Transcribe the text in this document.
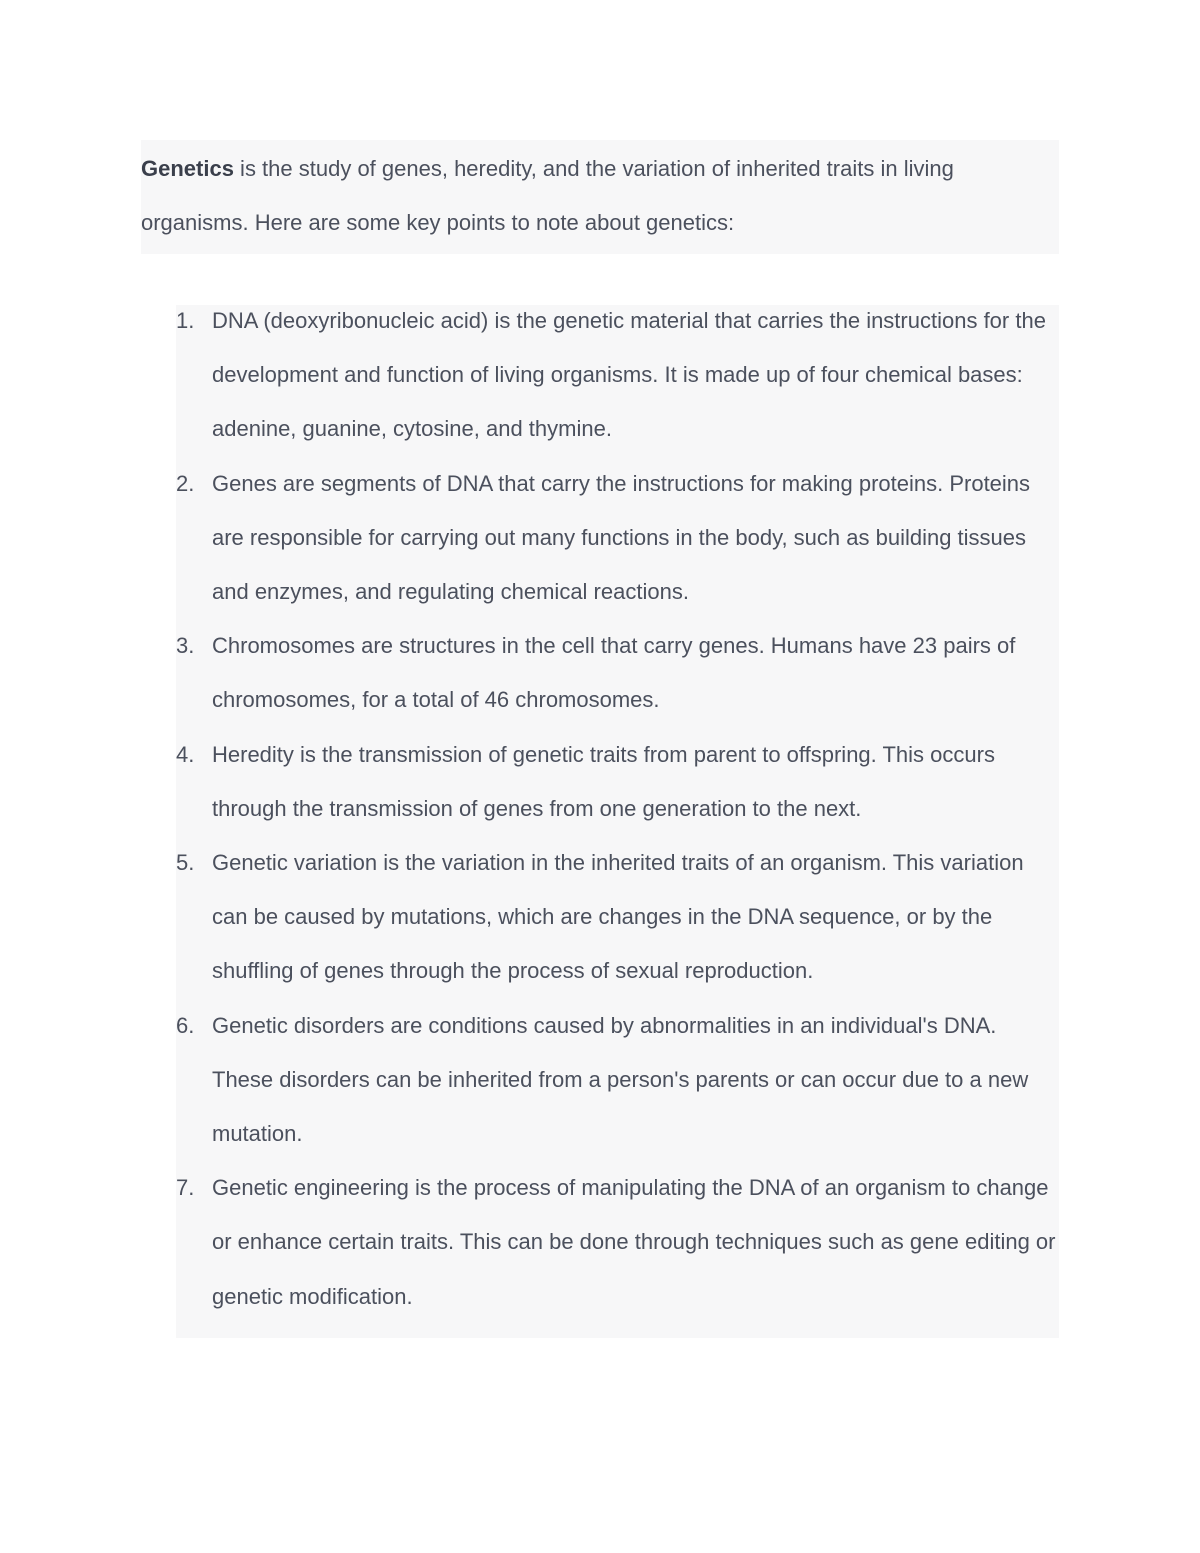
Genetics is the study of genes, heredity, and the variation of inherited traits in living organisms. Here are some key points to note about genetics:

1. DNA (deoxyribonucleic acid) is the genetic material that carries the instructions for the development and function of living organisms. It is made up of four chemical bases: adenine, guanine, cytosine, and thymine.
2. Genes are segments of DNA that carry the instructions for making proteins. Proteins are responsible for carrying out many functions in the body, such as building tissues and enzymes, and regulating chemical reactions.
3. Chromosomes are structures in the cell that carry genes. Humans have 23 pairs of chromosomes, for a total of 46 chromosomes.
4. Heredity is the transmission of genetic traits from parent to offspring. This occurs through the transmission of genes from one generation to the next.
5. Genetic variation is the variation in the inherited traits of an organism. This variation can be caused by mutations, which are changes in the DNA sequence, or by the shuffling of genes through the process of sexual reproduction.
6. Genetic disorders are conditions caused by abnormalities in an individual's DNA. These disorders can be inherited from a person's parents or can occur due to a new mutation.
7. Genetic engineering is the process of manipulating the DNA of an organism to change or enhance certain traits. This can be done through techniques such as gene editing or genetic modification.
